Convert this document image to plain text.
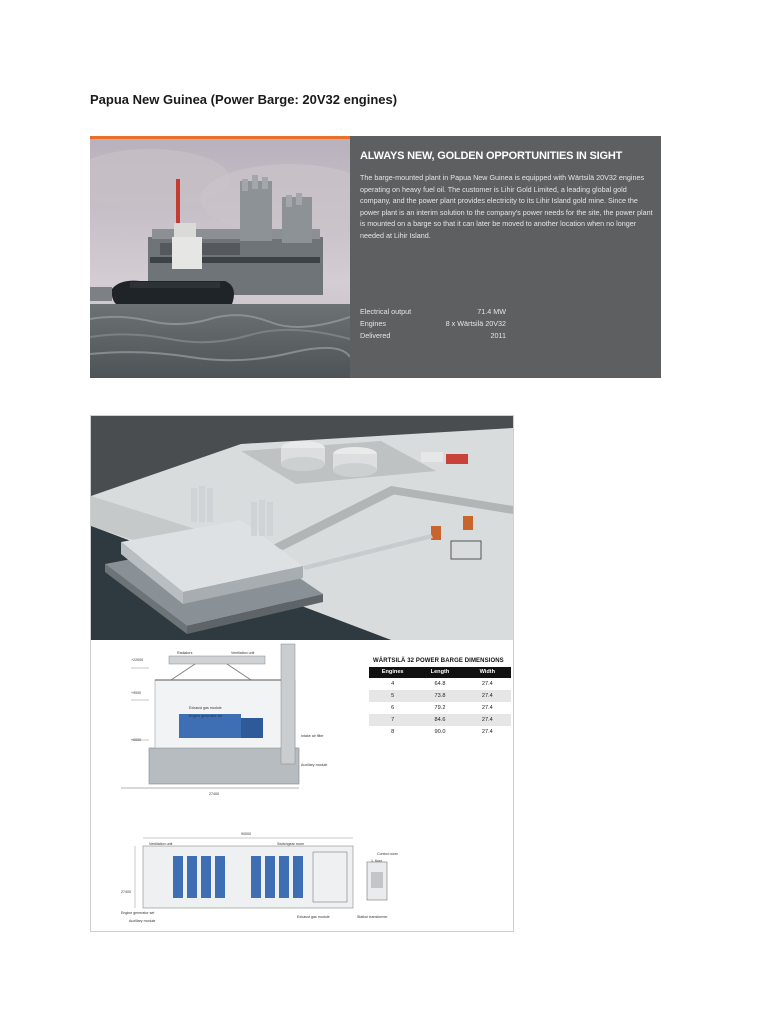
Papua New Guinea (Power Barge: 20V32 engines)
ALWAYS NEW, GOLDEN OPPORTUNITIES IN SIGHT
The barge-mounted plant in Papua New Guinea is equipped with Wärtsilä 20V32 engines operating on heavy fuel oil. The customer is Lihir Gold Limited, a leading global gold company, and the power plant provides electricity to its Lihir Island gold mine. Since the power plant is an interim solution to the company's power needs for the site, the power plant is mounted on a barge so that it can later be moved to another location when no longer needed at Lihir Island.
Electrical output	71.4 MW
Engines	8 x Wärtsilä 20V32
Delivered	2011
Radiators	Ventilation unit
Exhaust gas module
Engine generator set
Intake air filter
Auxiliary module
+22000
+9000
+0000
27400
90000
Ventilation unit	Switchgear room
Control room
1. floor
27400
Engine generator set
Auxiliary module
Exhaust gas module	Station transformer
WÄRTSILÄ 32 POWER BARGE DIMENSIONS
Engines	Length	Width
4	64.8	27.4
5	73.8	27.4
6	79.2	27.4
7	84.6	27.4
8	90.0	27.4
